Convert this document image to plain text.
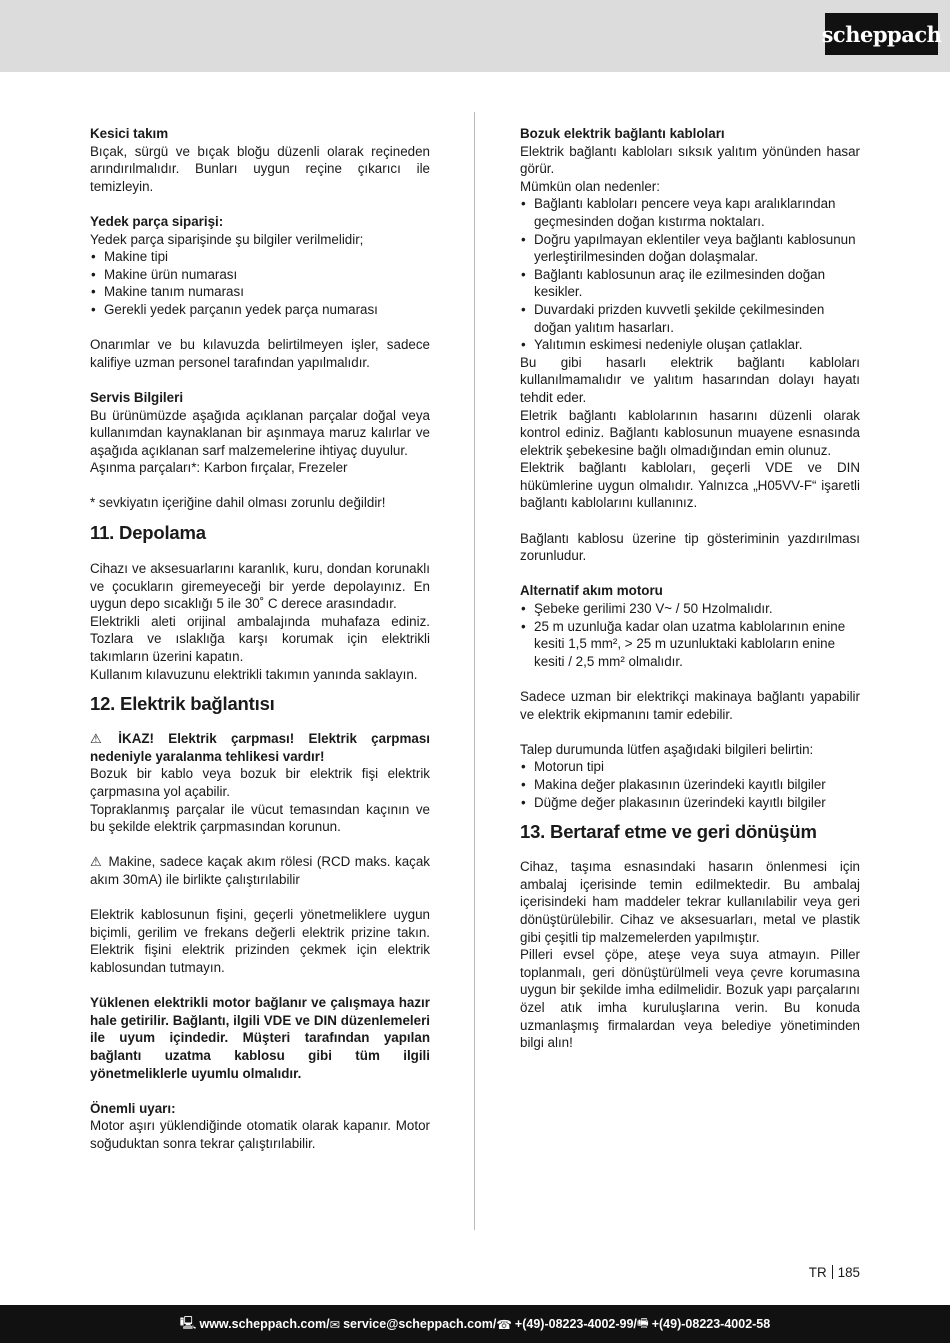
scheppach

Kesici takım

Bıçak, sürgü ve bıçak bloğu düzenli olarak reçineden arındırılmalıdır. Bunları uygun reçine çıkarıcı ile temizleyin.

Yedek parça siparişi:

Yedek parça siparişinde şu bilgiler verilmelidir;

• Makine tipi
• Makine ürün numarası
• Makine tanım numarası
• Gerekli yedek parçanın yedek parça numarası

Onarımlar ve bu kılavuzda belirtilmeyen işler, sadece kalifiye uzman personel tarafından yapılmalıdır.

Servis Bilgileri

Bu ürünümüzde aşağıda açıklanan parçalar doğal veya kullanımdan kaynaklanan bir aşınmaya maruz kalırlar ve aşağıda açıklanan sarf malzemelerine ihtiyaç duyulur.

Aşınma parçaları*: Karbon fırçalar, Frezeler

* sevkiyatın içeriğine dahil olması zorunlu değildir!

11. Depolama

Cihazı ve aksesuarlarını karanlık, kuru, dondan korunaklı ve çocukların giremeyeceği bir yerde depolayınız. En uygun depo sıcaklığı 5 ile 30˚ C derece arasındadır.

Elektrikli aleti orijinal ambalajında muhafaza ediniz. Tozlara ve ıslaklığa karşı korumak için elektrikli takımların üzerini kapatın.

Kullanım kılavuzunu elektrikli takımın yanında saklayın.

12. Elektrik bağlantısı

⚠ İKAZ! Elektrik çarpması! Elektrik çarpması nedeniyle yaralanma tehlikesi vardır!

Bozuk bir kablo veya bozuk bir elektrik fişi elektrik çarpmasına yol açabilir.

Topraklanmış parçalar ile vücut temasından kaçının ve bu şekilde elektrik çarpmasından korunun.

⚠ Makine, sadece kaçak akım rölesi (RCD maks. kaçak akım 30mA) ile birlikte çalıştırılabilir

Elektrik kablosunun fişini, geçerli yönetmeliklere uygun biçimli, gerilim ve frekans değerli elektrik prizine takın. Elektrik fişini elektrik prizinden çekmek için elektrik kablosundan tutmayın.

Yüklenen elektrikli motor bağlanır ve çalışmaya hazır hale getirilir. Bağlantı, ilgili VDE ve DIN düzenlemeleri ile uyum içindedir. Müşteri tarafından yapılan bağlantı uzatma kablosu gibi tüm ilgili yönetmeliklerle uyumlu olmalıdır.

Önemli uyarı:

Motor aşırı yüklendiğinde otomatik olarak kapanır. Motor soğuduktan sonra tekrar çalıştırılabilir.

Bozuk elektrik bağlantı kabloları

Elektrik bağlantı kabloları sıksık yalıtım yönünden hasar görür.

Mümkün olan nedenler:

• Bağlantı kabloları pencere veya kapı aralıklarından geçmesinden doğan kıstırma noktaları.
• Doğru yapılmayan eklentiler veya bağlantı kablosunun yerleştirilmesinden doğan dolaşmalar.
• Bağlantı kablosunun araç ile ezilmesinden doğan kesikler.
• Duvardaki prizden kuvvetli şekilde çekilmesinden doğan yalıtım hasarları.
• Yalıtımın eskimesi nedeniyle oluşan çatlaklar.

Bu gibi hasarlı elektrik bağlantı kabloları kullanılmamalıdır ve yalıtım hasarından dolayı hayatı tehdit eder.

Eletrik bağlantı kablolarının hasarını düzenli olarak kontrol ediniz. Bağlantı kablosunun muayene esnasında elektrik şebekesine bağlı olmadığından emin olunuz.

Elektrik bağlantı kabloları, geçerli VDE ve DIN hükümlerine uygun olmalıdır. Yalnızca „H05VV-F“ işaretli bağlantı kablolarını kullanınız.

Bağlantı kablosu üzerine tip gösteriminin yazdırılması zorunludur.

Alternatif akım motoru

• Şebeke gerilimi 230 V~ / 50 Hzolmalıdır.
• 25 m uzunluğa kadar olan uzatma kablolarının enine kesiti 1,5 mm², > 25 m uzunluktaki kabloların enine kesiti / 2,5 mm² olmalıdır.

Sadece uzman bir elektrikçi makinaya bağlantı yapabilir ve elektrik ekipmanını tamir edebilir.

Talep durumunda lütfen aşağıdaki bilgileri belirtin:

• Motorun tipi
• Makina değer plakasının üzerindeki kayıtlı bilgiler
• Düğme değer plakasının üzerindeki kayıtlı bilgiler
13. Bertaraf etme ve geri dönüşüm

Cihaz, taşıma esnasındaki hasarın önlenmesi için ambalaj içerisinde temin edilmektedir. Bu ambalaj içerisindeki ham maddeler tekrar kullanılabilir veya geri dönüştürülebilir. Cihaz ve aksesuarları, metal ve plastik gibi çeşitli tip malzemelerden yapılmıştır.

Pilleri evsel çöpe, ateşe veya suya atmayın. Piller toplanmalı, geri dönüştürülmeli veya çevre korumasına uygun bir şekilde imha edilmelidir. Bozuk yapı parçalarını özel atık imha kuruluşlarına verin. Bu konuda uzmanlaşmış firmalardan veya belediye yönetiminden bilgi alın!

TR 185
🖳 www.scheppach.com / ✉ service@scheppach.com / ☎ +(49)-08223-4002-99 / 🖷 +(49)-08223-4002-58
